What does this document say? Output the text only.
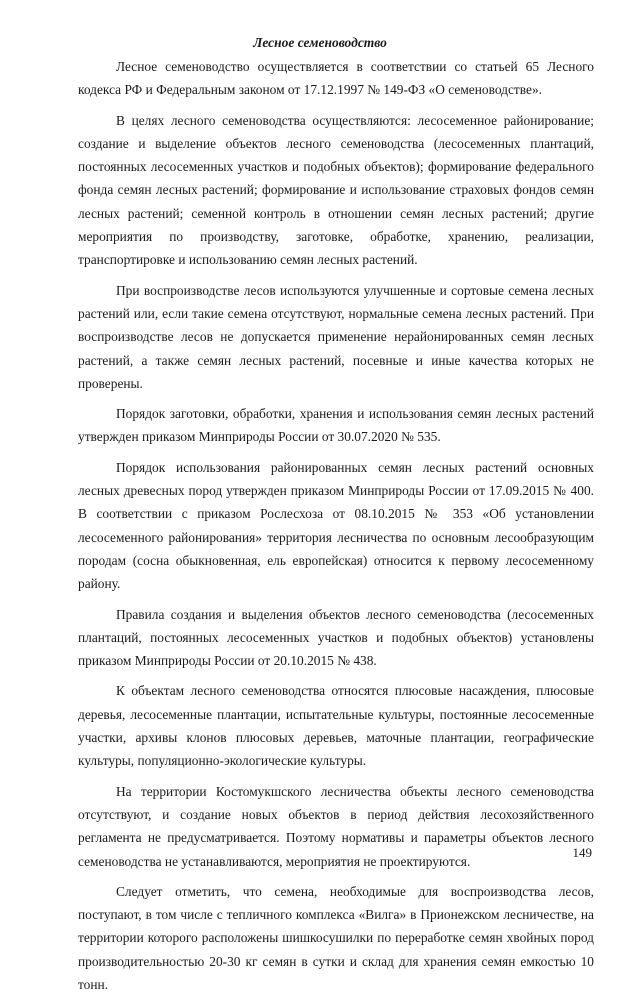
Лесное семеноводство

Лесное семеноводство осуществляется в соответствии со статьей 65 Лесного кодекса РФ и Федеральным законом от 17.12.1997 № 149-ФЗ «О семеноводстве».

В целях лесного семеноводства осуществляются: лесосеменное районирование; создание и выделение объектов лесного семеноводства (лесосеменных плантаций, постоянных лесосеменных участков и подобных объектов); формирование федерального фонда семян лесных растений; формирование и использование страховых фондов семян лесных растений; семенной контроль в отношении семян лесных растений; другие мероприятия по производству, заготовке, обработке, хранению, реализации, транспортировке и использованию семян лесных растений.

При воспроизводстве лесов используются улучшенные и сортовые семена лесных растений или, если такие семена отсутствуют, нормальные семена лесных растений. При воспроизводстве лесов не допускается применение нерайонированных семян лесных растений, а также семян лесных растений, посевные и иные качества которых не проверены.

Порядок заготовки, обработки, хранения и использования семян лесных растений утвержден приказом Минприроды России от 30.07.2020 № 535.

Порядок использования районированных семян лесных растений основных лесных древесных пород утвержден приказом Минприроды России от 17.09.2015 № 400. В соответствии с приказом Рослесхоза от 08.10.2015 № 353 «Об установлении лесосеменного районирования» территория лесничества по основным лесообразующим породам (сосна обыкновенная, ель европейская) относится к первому лесосеменному району.

Правила создания и выделения объектов лесного семеноводства (лесосеменных плантаций, постоянных лесосеменных участков и подобных объектов) установлены приказом Минприроды России от 20.10.2015 № 438.

К объектам лесного семеноводства относятся плюсовые насаждения, плюсовые деревья, лесосеменные плантации, испытательные культуры, постоянные лесосеменные участки, архивы клонов плюсовых деревьев, маточные плантации, географические культуры, популяционно-экологические культуры.

На территории Костомукшского лесничества объекты лесного семеноводства отсутствуют, и создание новых объектов в период действия лесохозяйственного регламента не предусматривается. Поэтому нормативы и параметры объектов лесного семеноводства не устанавливаются, мероприятия не проектируются.

Следует отметить, что семена, необходимые для воспроизводства лесов, поступают, в том числе с тепличного комплекса «Вилга» в Прионежском лесничестве, на территории которого расположены шишкосушилки по переработке семян хвойных пород производительностью 20-30 кг семян в сутки и склад для хранения семян емкостью 10 тонн.

149
